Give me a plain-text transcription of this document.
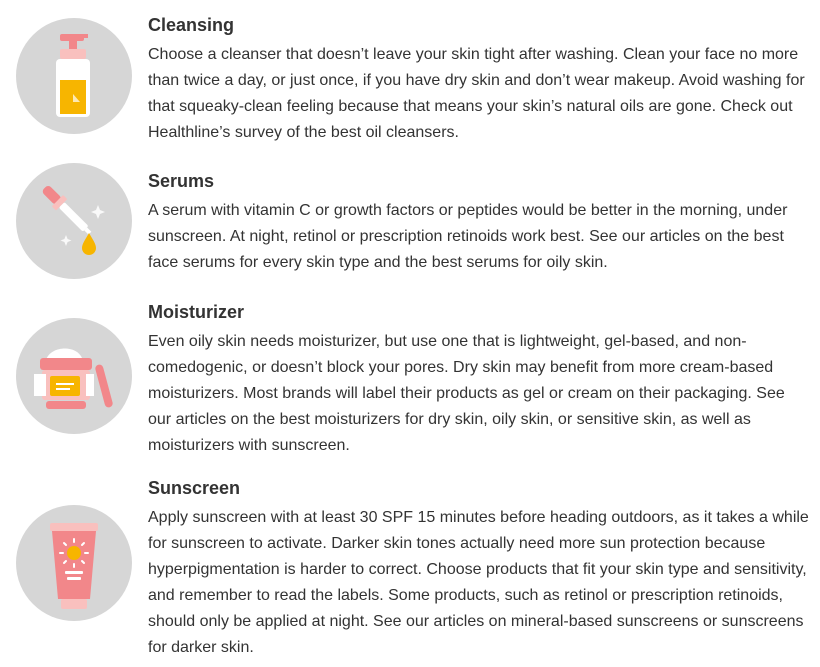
Cleansing

Choose a cleanser that doesn’t leave your skin tight after washing. Clean your face no more than twice a day, or just once, if you have dry skin and don’t wear makeup. Avoid washing for that squeaky-clean feeling because that means your skin’s natural oils are gone. Check out Healthline’s survey of the best oil cleansers.

Serums

A serum with vitamin C or growth factors or peptides would be better in the morning, under sunscreen. At night, retinol or prescription retinoids work best. See our articles on the best face serums for every skin type and the best serums for oily skin.

Moisturizer

Even oily skin needs moisturizer, but use one that is lightweight, gel-based, and non-comedogenic, or doesn’t block your pores. Dry skin may benefit from more cream-based moisturizers. Most brands will label their products as gel or cream on their packaging. See our articles on the best moisturizers for dry skin, oily skin, or sensitive skin, as well as moisturizers with sunscreen.

Sunscreen

Apply sunscreen with at least 30 SPF 15 minutes before heading outdoors, as it takes a while for sunscreen to activate. Darker skin tones actually need more sun protection because hyperpigmentation is harder to correct. Choose products that fit your skin type and sensitivity, and remember to read the labels. Some products, such as retinol or prescription retinoids, should only be applied at night. See our articles on mineral-based sunscreens or sunscreens for darker skin.
